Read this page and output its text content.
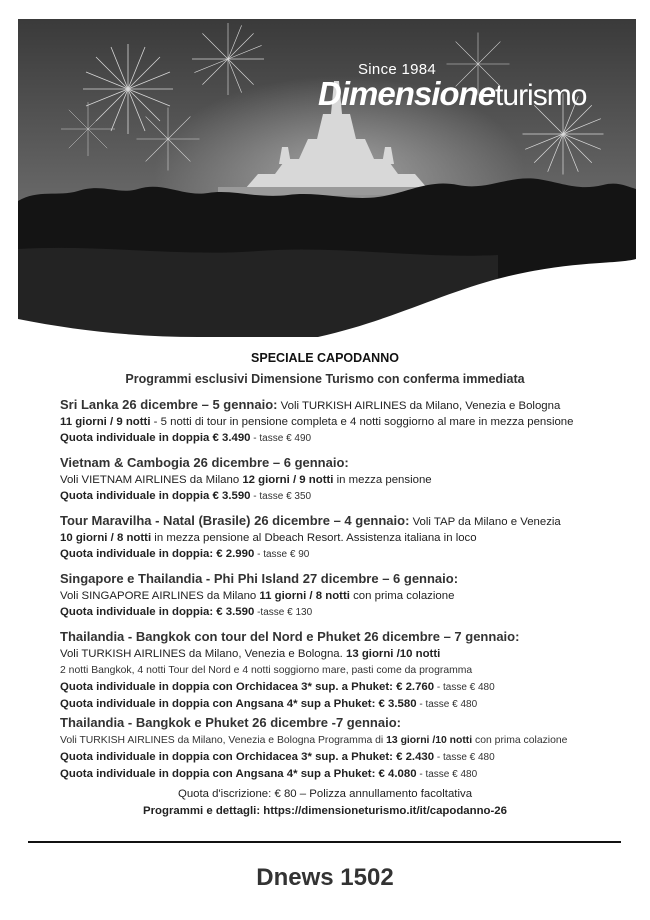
Since 1984
Dimensioneturismo
SPECIALE CAPODANNO
Programmi esclusivi Dimensione Turismo con conferma immediata
Sri Lanka 26 dicembre – 5 gennaio: Voli TURKISH AIRLINES da Milano, Venezia e Bologna
11 giorni / 9 notti - 5 notti di tour in pensione completa e 4 notti soggiorno al mare in mezza pensione
Quota individuale in doppia € 3.490 - tasse € 490
Vietnam & Cambogia 26 dicembre – 6 gennaio:
Voli VIETNAM AIRLINES da Milano 12 giorni / 9 notti in mezza pensione
Quota individuale in doppia € 3.590 - tasse € 350
Tour Maravilha - Natal (Brasile) 26 dicembre – 4 gennaio: Voli TAP da Milano e Venezia
10 giorni / 8 notti in mezza pensione al Dbeach Resort. Assistenza italiana in loco
Quota individuale in doppia: € 2.990 - tasse € 90
Singapore e Thailandia - Phi Phi Island 27 dicembre – 6 gennaio:
Voli SINGAPORE AIRLINES da Milano 11 giorni / 8 notti con prima colazione
Quota individuale in doppia: € 3.590 -tasse € 130
Thailandia - Bangkok con tour del Nord e Phuket 26 dicembre – 7 gennaio:
Voli TURKISH AIRLINES da Milano, Venezia e Bologna. 13 giorni /10 notti
2 notti Bangkok, 4 notti Tour del Nord e 4 notti soggiorno mare, pasti come da programma
Quota individuale in doppia con Orchidacea 3* sup. a Phuket: € 2.760 - tasse € 480
Quota individuale in doppia con Angsana 4* sup a Phuket: € 3.580 - tasse € 480
Thailandia - Bangkok e Phuket 26 dicembre -7 gennaio:
Voli TURKISH AIRLINES da Milano, Venezia e Bologna Programma di 13 giorni /10 notti con prima colazione
Quota individuale in doppia con Orchidacea 3* sup. a Phuket: € 2.430 - tasse € 480
Quota individuale in doppia con Angsana 4* sup a Phuket: € 4.080 - tasse € 480
Quota d'iscrizione: € 80 – Polizza annullamento facoltativa
Programmi e dettagli: https://dimensioneturismo.it/it/capodanno-26
Dnews 1502
